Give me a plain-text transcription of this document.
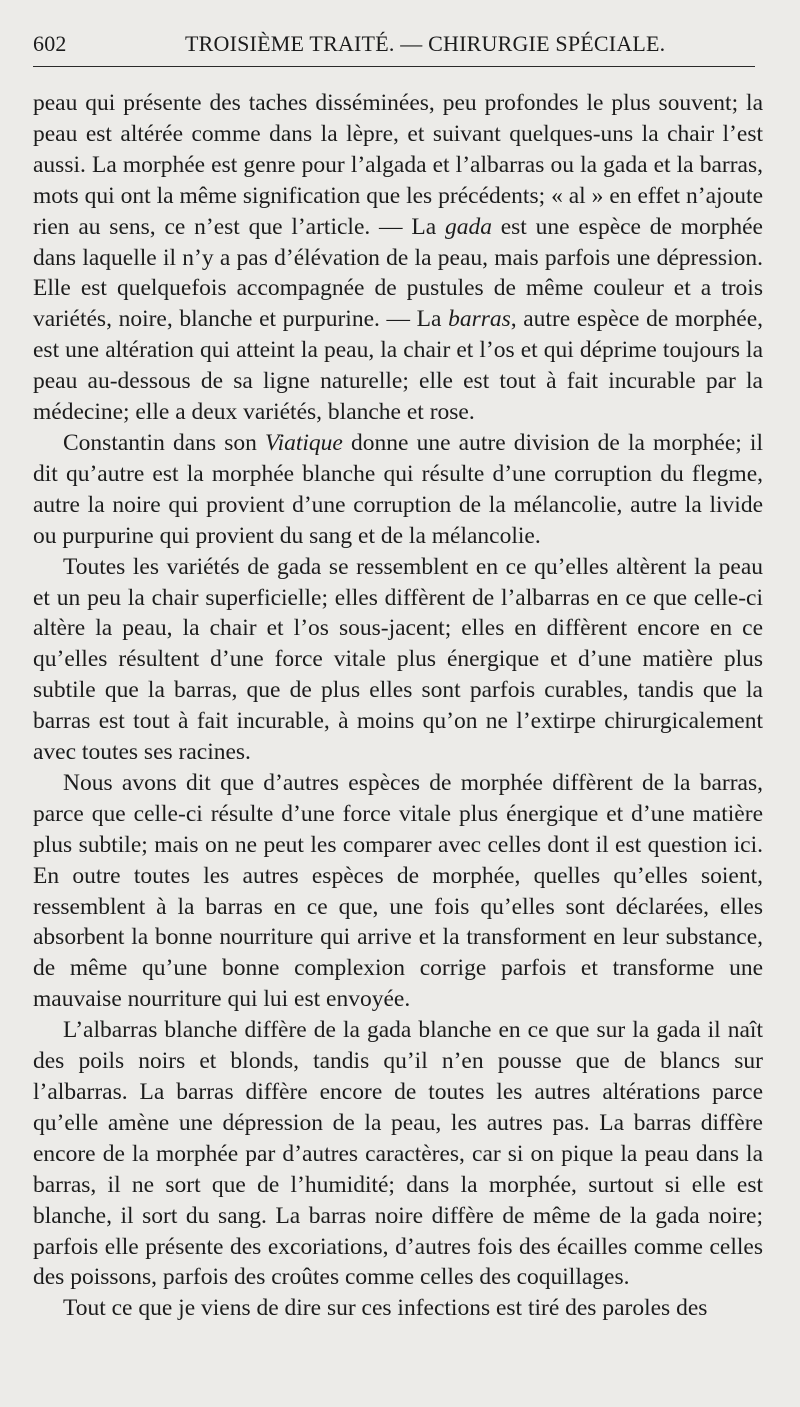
602	TROISIÈME TRAITÉ. — CHIRURGIE SPÉCIALE.

peau qui présente des taches disséminées, peu profondes le plus souvent; la peau est altérée comme dans la lèpre, et suivant quelques-uns la chair l’est aussi. La morphée est genre pour l’algada et l’albarras ou la gada et la barras, mots qui ont la même signification que les précédents; « al » en effet n’ajoute rien au sens, ce n’est que l’article. — La gada est une espèce de morphée dans laquelle il n’y a pas d’élévation de la peau, mais parfois une dépression. Elle est quelquefois accompagnée de pustules de même couleur et a trois variétés, noire, blanche et purpurine. — La barras, autre espèce de morphée, est une altération qui atteint la peau, la chair et l’os et qui déprime toujours la peau au-dessous de sa ligne naturelle; elle est tout à fait incurable par la médecine; elle a deux variétés, blanche et rose.

Constantin dans son Viatique donne une autre division de la morphée; il dit qu’autre est la morphée blanche qui résulte d’une corruption du flegme, autre la noire qui provient d’une corruption de la mélancolie, autre la livide ou purpurine qui provient du sang et de la mélancolie.

Toutes les variétés de gada se ressemblent en ce qu’elles altèrent la peau et un peu la chair superficielle; elles diffèrent de l’albarras en ce que celle-ci altère la peau, la chair et l’os sous-jacent; elles en diffèrent encore en ce qu’elles résultent d’une force vitale plus énergique et d’une matière plus subtile que la barras, que de plus elles sont parfois curables, tandis que la barras est tout à fait incurable, à moins qu’on ne l’extirpe chirurgicalement avec toutes ses racines.

Nous avons dit que d’autres espèces de morphée diffèrent de la barras, parce que celle-ci résulte d’une force vitale plus énergique et d’une matière plus subtile; mais on ne peut les comparer avec celles dont il est question ici. En outre toutes les autres espèces de morphée, quelles qu’elles soient, ressemblent à la barras en ce que, une fois qu’elles sont déclarées, elles absorbent la bonne nourriture qui arrive et la transforment en leur substance, de même qu’une bonne complexion corrige parfois et transforme une mauvaise nourriture qui lui est envoyée.

L’albarras blanche diffère de la gada blanche en ce que sur la gada il naît des poils noirs et blonds, tandis qu’il n’en pousse que de blancs sur l’albarras. La barras diffère encore de toutes les autres altérations parce qu’elle amène une dépression de la peau, les autres pas. La barras diffère encore de la morphée par d’autres caractères, car si on pique la peau dans la barras, il ne sort que de l’humidité; dans la morphée, surtout si elle est blanche, il sort du sang. La barras noire diffère de même de la gada noire; parfois elle présente des excoriations, d’autres fois des écailles comme celles des poissons, parfois des croûtes comme celles des coquillages.

Tout ce que je viens de dire sur ces infections est tiré des paroles des
